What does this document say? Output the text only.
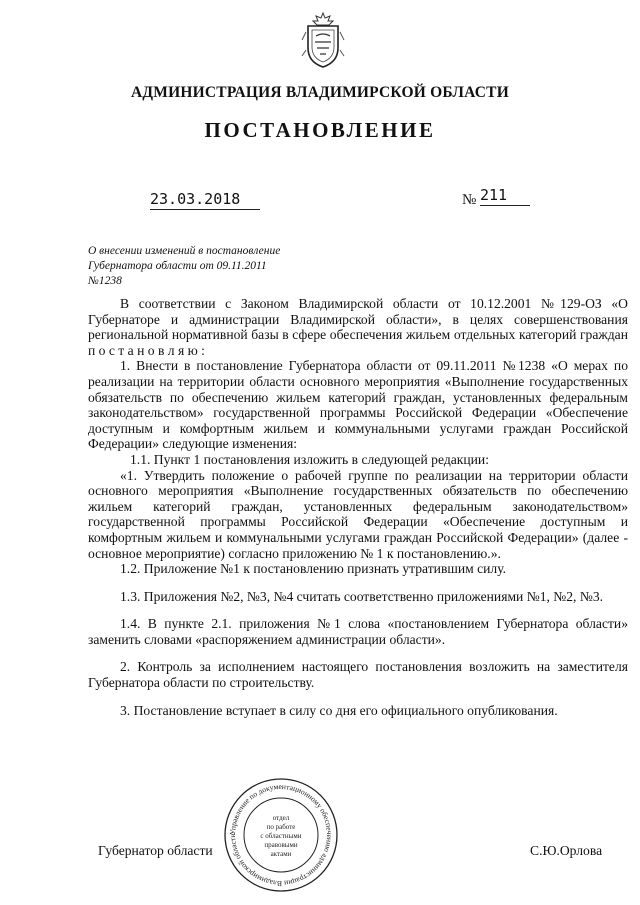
АДМИНИСТРАЦИЯ ВЛАДИМИРСКОЙ ОБЛАСТИ
ПОСТАНОВЛЕНИЕ
23.03.2018	№ 211
О внесении изменений в постановление
Губернатора области от 09.11.2011
№1238

В соответствии с Законом Владимирской области от 10.12.2001 №129-ОЗ «О Губернаторе и администрации Владимирской области», в целях совершенствования региональной нормативной базы в сфере обеспечения жильем отдельных категорий граждан п о с т а н о в л я ю :

1. Внести в постановление Губернатора области от 09.11.2011 №1238 «О мерах по реализации на территории области основного мероприятия «Выполнение государственных обязательств по обеспечению жильем категорий граждан, установленных федеральным законодательством» государственной программы Российской Федерации «Обеспечение доступным и комфортным жильем и коммунальными услугами граждан Российской Федерации» следующие изменения:

1.1. Пункт 1 постановления изложить в следующей редакции:

«1. Утвердить положение о рабочей группе по реализации на территории области основного мероприятия «Выполнение государственных обязательств по обеспечению жильем категорий граждан, установленных федеральным законодательством» государственной программы Российской Федерации «Обеспечение доступным и комфортным жильем и коммунальными услугами граждан Российской Федерации» (далее - основное мероприятие) согласно приложению № 1 к постановлению.».

1.2. Приложение №1 к постановлению признать утратившим силу.

1.3. Приложения №2, №3, №4 считать соответственно приложениями №1, №2, №3.

1.4. В пункте 2.1. приложения №1 слова «постановлением Губернатора области» заменить словами «распоряжением администрации области».

2. Контроль за исполнением настоящего постановления возложить на заместителя Губернатора области по строительству.

3. Постановление вступает в силу со дня его официального опубликования.

Губернатор области	С.Ю.Орлова
Управление по документационному обеспечению администрации Владимирской области
отдел
по работе
с областными
правовыми
актами
